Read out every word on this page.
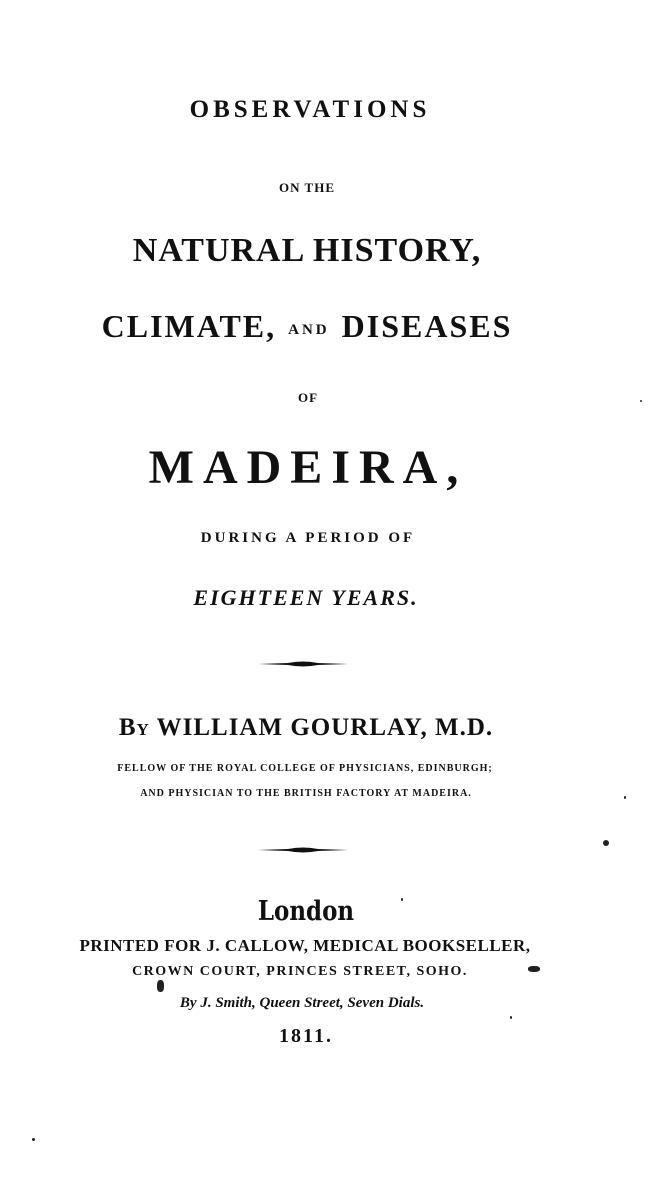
OBSERVATIONS
ON THE
NATURAL HISTORY,
CLIMATE, AND DISEASES
OF
MADEIRA,
DURING A PERIOD OF
EIGHTEEN YEARS.
BY WILLIAM GOURLAY, M.D.
FELLOW OF THE ROYAL COLLEGE OF PHYSICIANS, EDINBURGH;
AND PHYSICIAN TO THE BRITISH FACTORY AT MADEIRA.
London
PRINTED FOR J. CALLOW, MEDICAL BOOKSELLER,
CROWN COURT, PRINCES STREET, SOHO.
By J. Smith, Queen Street, Seven Dials.
1811.
